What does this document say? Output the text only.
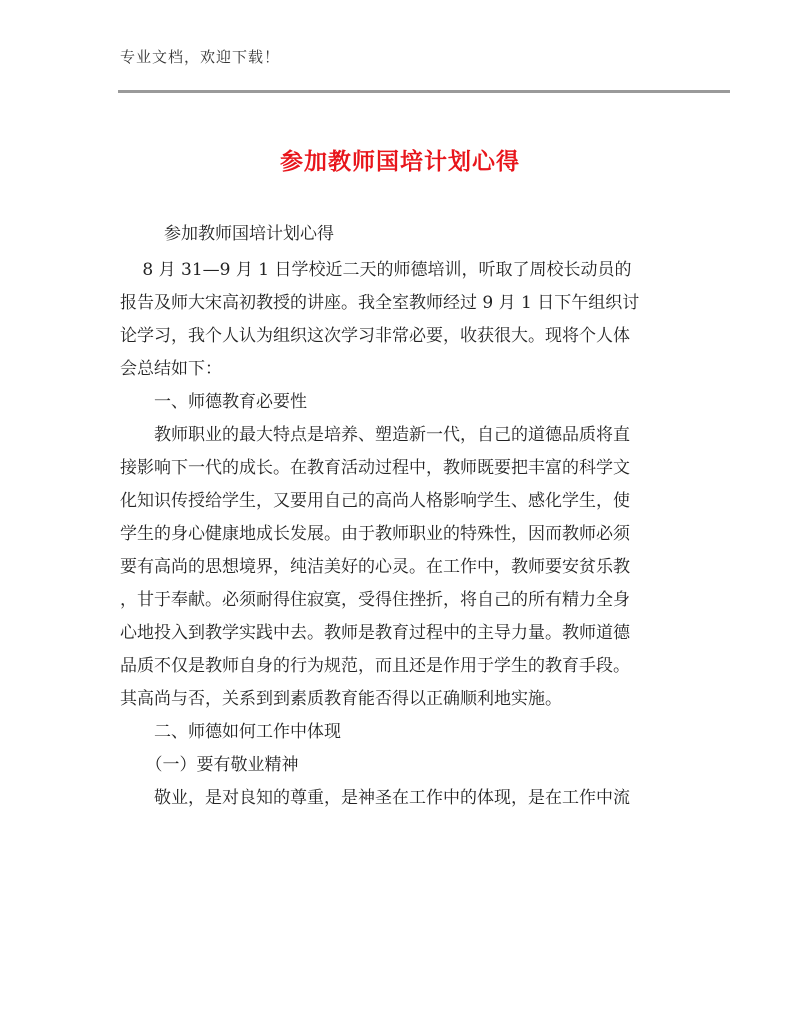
专业文档，欢迎下载！
参加教师国培计划心得

参加教师国培计划心得

　 8 月 31—9 月 1 日学校近二天的师德培训，听取了周校长动员的

报告及师大宋高初教授的讲座。我全室教师经过 9 月 1 日下午组织讨

论学习，我个人认为组织这次学习非常必要，收获很大。现将个人体

会总结如下：

　　一、师德教育必要性

　　教师职业的最大特点是培养、塑造新一代，自己的道德品质将直

接影响下一代的成长。在教育活动过程中，教师既要把丰富的科学文

化知识传授给学生，又要用自己的高尚人格影响学生、感化学生，使

学生的身心健康地成长发展。由于教师职业的特殊性，因而教师必须

要有高尚的思想境界，纯洁美好的心灵。在工作中，教师要安贫乐教

，甘于奉献。必须耐得住寂寞，受得住挫折，将自己的所有精力全身

心地投入到教学实践中去。教师是教育过程中的主导力量。教师道德

品质不仅是教师自身的行为规范，而且还是作用于学生的教育手段。

其高尚与否，关系到到素质教育能否得以正确顺利地实施。

　　二、师德如何工作中体现

　　（一）要有敬业精神

　　敬业，是对良知的尊重，是神圣在工作中的体现，是在工作中流
